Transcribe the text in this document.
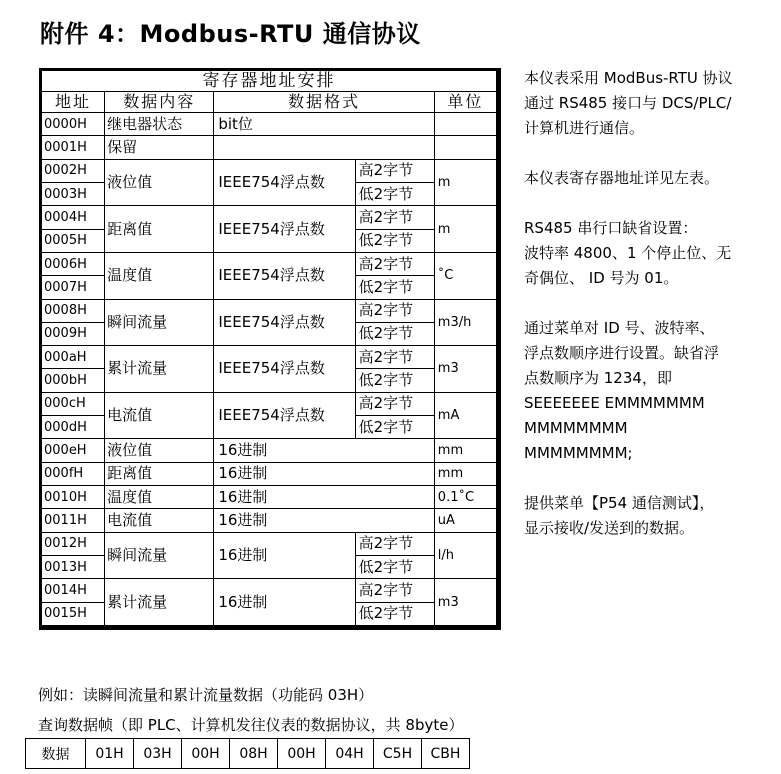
附件 4：Modbus-RTU 通信协议
寄存器地址安排				
地址	数据内容	数据格式		单位
0000H	继电器状态	bit位		
0001H	保留			
0002H	液位值	IEEE754浮点数	高2字节	m
0003H			低2字节	
0004H	距离值	IEEE754浮点数	高2字节	m
0005H			低2字节	
0006H	温度值	IEEE754浮点数	高2字节	˚C
0007H			低2字节	
0008H	瞬间流量	IEEE754浮点数	高2字节	m3/h
0009H			低2字节	
000aH	累计流量	IEEE754浮点数	高2字节	m3
000bH			低2字节	
000cH	电流值	IEEE754浮点数	高2字节	mA
000dH			低2字节	
000eH	液位值	16进制		mm
000fH	距离值	16进制		mm
0010H	温度值	16进制		0.1˚C
0011H	电流值	16进制		uA
0012H	瞬间流量	16进制	高2字节	l/h
0013H			低2字节	
0014H	累计流量	16进制	高2字节	m3
0015H			低2字节	

本仪表采用 ModBus-RTU 协议

通过 RS485 接口与 DCS/PLC/

计算机进行通信。

本仪表寄存器地址详见左表。

RS485 串行口缺省设置：

波特率 4800、1 个停止位、无

奇偶位、 ID 号为 01。

通过菜单对 ID 号、波特率、

浮点数顺序进行设置。缺省浮

点数顺序为 1234，即

SEEEEEEE EMMMMMMM MMMMMMMM

MMMMMMMM;

提供菜单【P54 通信测试】，

显示接收/发送到的数据。

例如：读瞬间流量和累计流量数据（功能码 03H）
查询数据帧（即 PLC、计算机发往仪表的数据协议，共 8byte）
数据	01H	03H	00H	08H	00H	04H	C5H	CBH
